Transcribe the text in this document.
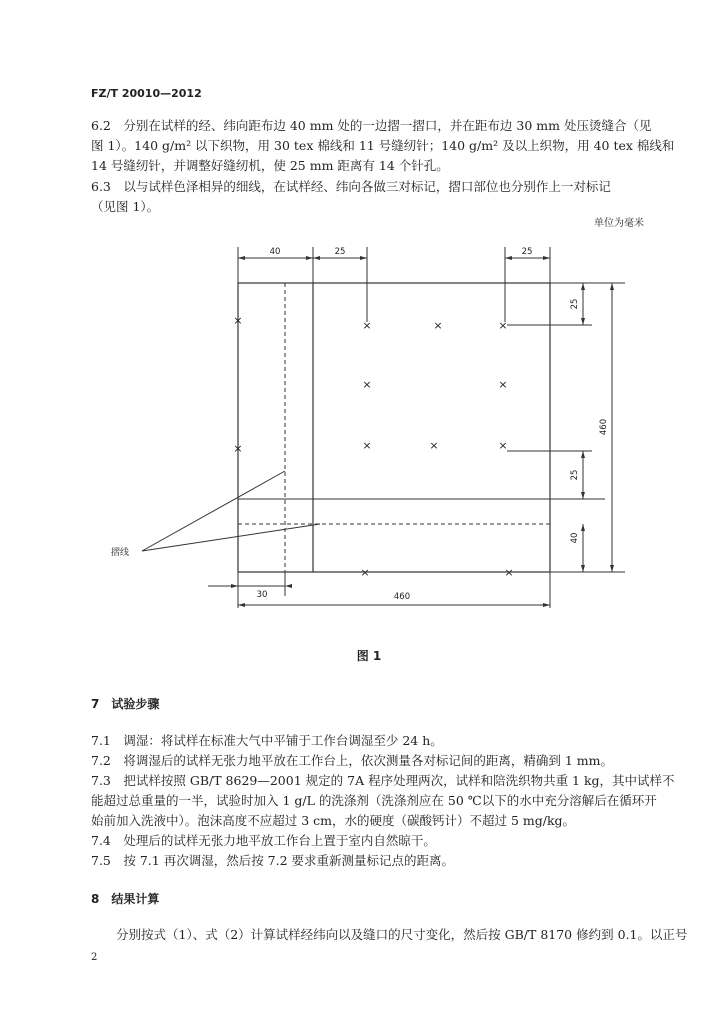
FZ/T 20010—2012
6.2　分别在试样的经、纬向距布边 40 mm 处的一边摺一摺口，并在距布边 30 mm 处压烫缝合（见
图 1）。140 g/m² 以下织物，用 30 tex 棉线和 11 号缝纫针；140 g/m² 及以上织物，用 40 tex 棉线和
14 号缝纫针，并调整好缝纫机，使 25 mm 距离有 14 个针孔。
6.3　以与试样色泽相异的细线，在试样经、纬向各做三对标记，摺口部位也分别作上一对标记
（见图 1）。
单位为毫米
×	×	×
×	×
×	×	×
×
×
×	×
40	25	25
25
460
25
40
30	460
摺线
图 1
7　试验步骤
7.1　调湿：将试样在标准大气中平铺于工作台调湿至少 24 h。
7.2　将调湿后的试样无张力地平放在工作台上，依次测量各对标记间的距离，精确到 1 mm。
7.3　把试样按照 GB/T 8629—2001 规定的 7A 程序处理两次，试样和陪洗织物共重 1 kg，其中试样不
能超过总重量的一半，试验时加入 1 g/L 的洗涤剂（洗涤剂应在 50 ℃以下的水中充分溶解后在循环开
始前加入洗液中）。泡沫高度不应超过 3 cm，水的硬度（碳酸钙计）不超过 5 mg/kg。
7.4　处理后的试样无张力地平放工作台上置于室内自然晾干。
7.5　按 7.1 再次调湿，然后按 7.2 要求重新测量标记点的距离。
8　结果计算
分别按式（1）、式（2）计算试样经纬向以及缝口的尺寸变化，然后按 GB/T 8170 修约到 0.1。以正号
2
